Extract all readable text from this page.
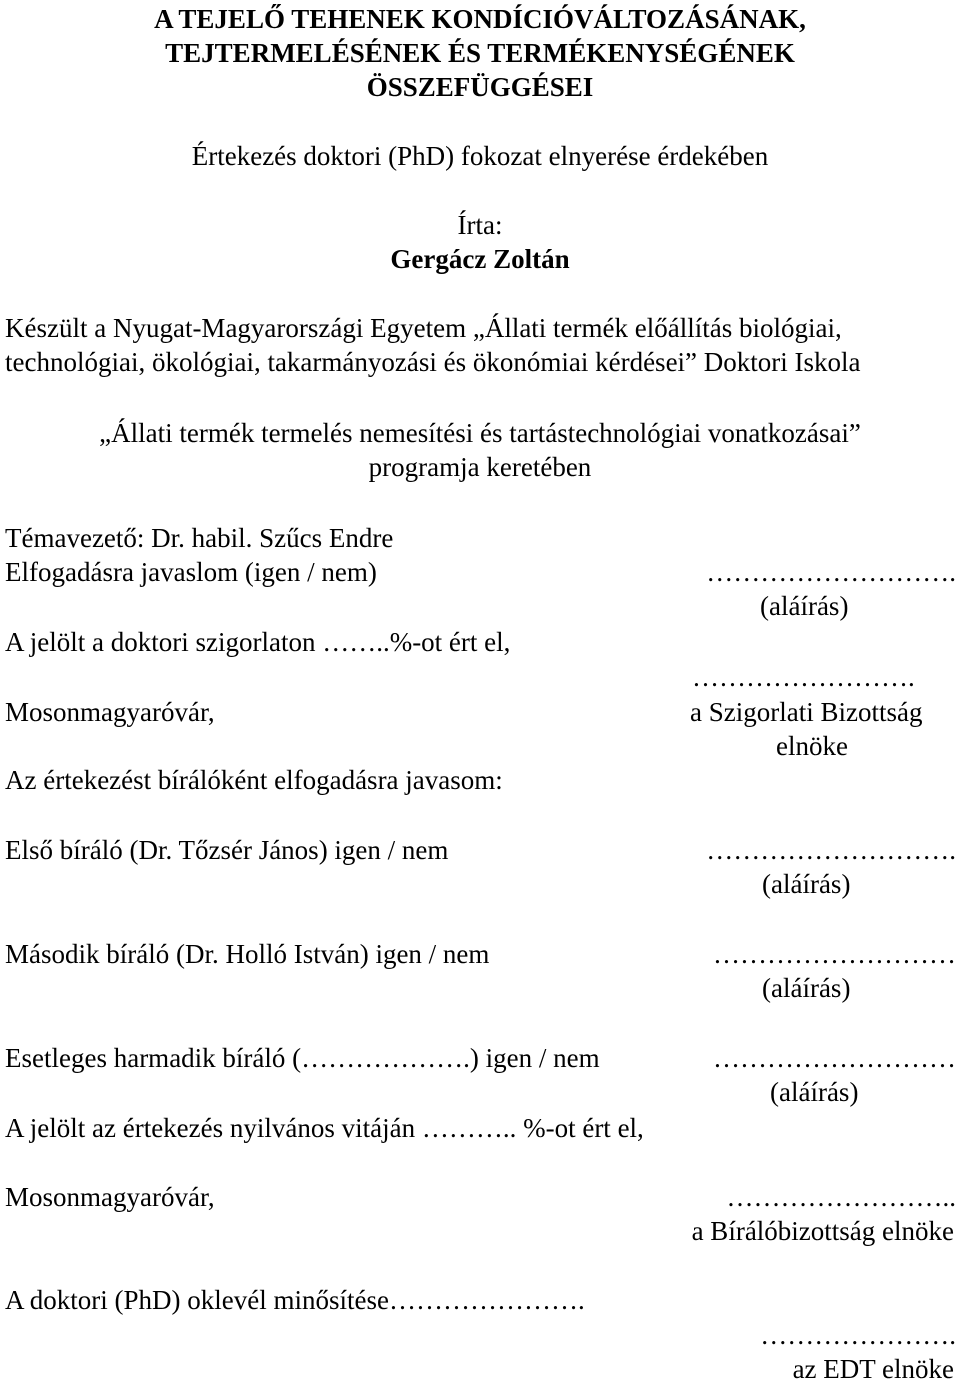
A TEJELŐ TEHENEK KONDÍCIÓVÁLTOZÁSÁNAK,
TEJTERMELÉSÉNEK ÉS TERMÉKENYSÉGÉNEK
ÖSSZEFÜGGÉSEI
Értekezés doktori (PhD) fokozat elnyerése érdekében
Írta:
Gergácz Zoltán
Készült a Nyugat-Magyarországi Egyetem „Állati termék előállítás biológiai,
technológiai, ökológiai, takarmányozási és ökonómiai kérdései” Doktori Iskola
„Állati termék termelés nemesítési és tartástechnológiai vonatkozásai”
programja keretében
Témavezető: Dr. habil. Szűcs Endre
Elfogadásra javaslom (igen / nem)	……………………….
(aláírás)
A jelölt a doktori szigorlaton ……..%-ot ért el,
…………………….
Mosonmagyaróvár,	a Szigorlati Bizottság
elnöke
Az értekezést bírálóként elfogadásra javasom:
Első bíráló (Dr. Tőzsér János) igen / nem	……………………….
(aláírás)
Második bíráló (Dr. Holló István) igen / nem	………………………
(aláírás)
Esetleges harmadik bíráló (……………….) igen / nem	………………………
(aláírás)
A jelölt az értekezés nyilvános vitáján ……….. %-ot ért el,
Mosonmagyaróvár,	……………………..
a Bírálóbizottság elnöke
A doktori (PhD) oklevél minősítése………………….
………………….
az EDT elnöke
